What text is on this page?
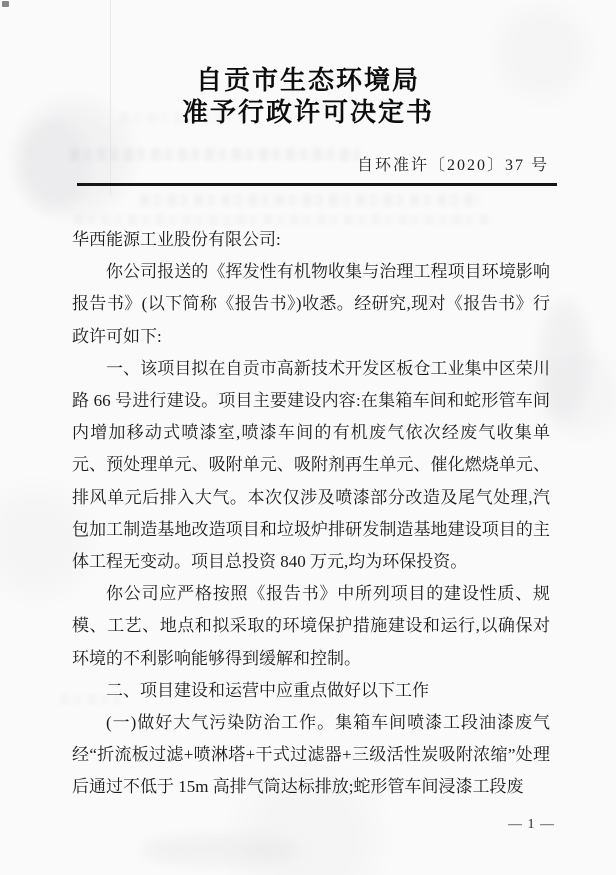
自贡市生态环境局
准予行政许可决定书
自环准许〔2020〕37 号

华西能源工业股份有限公司:

你公司报送的《挥发性有机物收集与治理工程项目环境影响报告书》(以下简称《报告书》)收悉。经研究,现对《报告书》行政许可如下:

一、该项目拟在自贡市高新技术开发区板仓工业集中区荣川路 66 号进行建设。项目主要建设内容:在集箱车间和蛇形管车间内增加移动式喷漆室,喷漆车间的有机废气依次经废气收集单元、预处理单元、吸附单元、吸附剂再生单元、催化燃烧单元、排风单元后排入大气。本次仅涉及喷漆部分改造及尾气处理,汽包加工制造基地改造项目和垃圾炉排研发制造基地建设项目的主体工程无变动。项目总投资 840 万元,均为环保投资。

你公司应严格按照《报告书》中所列项目的建设性质、规模、工艺、地点和拟采取的环境保护措施建设和运行,以确保对环境的不利影响能够得到缓解和控制。

二、项目建设和运营中应重点做好以下工作

(一)做好大气污染防治工作。集箱车间喷漆工段油漆废气经“折流板过滤+喷淋塔+干式过滤器+三级活性炭吸附浓缩”处理后通过不低于 15m 高排气筒达标排放;蛇形管车间浸漆工段废

— 1 —
